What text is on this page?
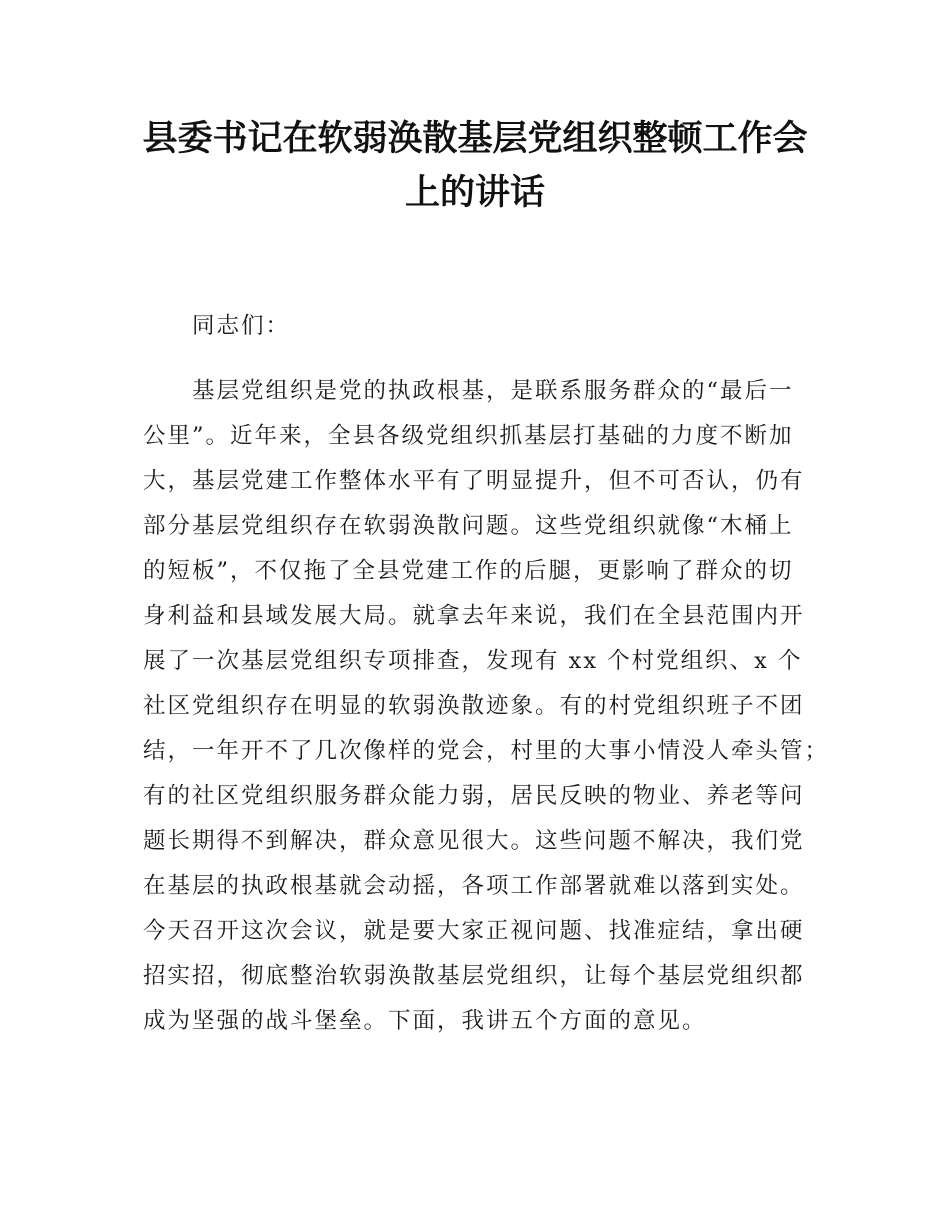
县委书记在软弱涣散基层党组织整顿工作会
上的讲话
同志们：
基层党组织是党的执政根基，是联系服务群众的“最后一
公里”。近年来，全县各级党组织抓基层打基础的力度不断加
大，基层党建工作整体水平有了明显提升，但不可否认，仍有
部分基层党组织存在软弱涣散问题。这些党组织就像“木桶上
的短板”，不仅拖了全县党建工作的后腿，更影响了群众的切
身利益和县域发展大局。就拿去年来说，我们在全县范围内开
展了一次基层党组织专项排查，发现有 xx 个村党组织、x 个
社区党组织存在明显的软弱涣散迹象。有的村党组织班子不团
结，一年开不了几次像样的党会，村里的大事小情没人牵头管；
有的社区党组织服务群众能力弱，居民反映的物业、养老等问
题长期得不到解决，群众意见很大。这些问题不解决，我们党
在基层的执政根基就会动摇，各项工作部署就难以落到实处。
今天召开这次会议，就是要大家正视问题、找准症结，拿出硬
招实招，彻底整治软弱涣散基层党组织，让每个基层党组织都
成为坚强的战斗堡垒。下面，我讲五个方面的意见。
